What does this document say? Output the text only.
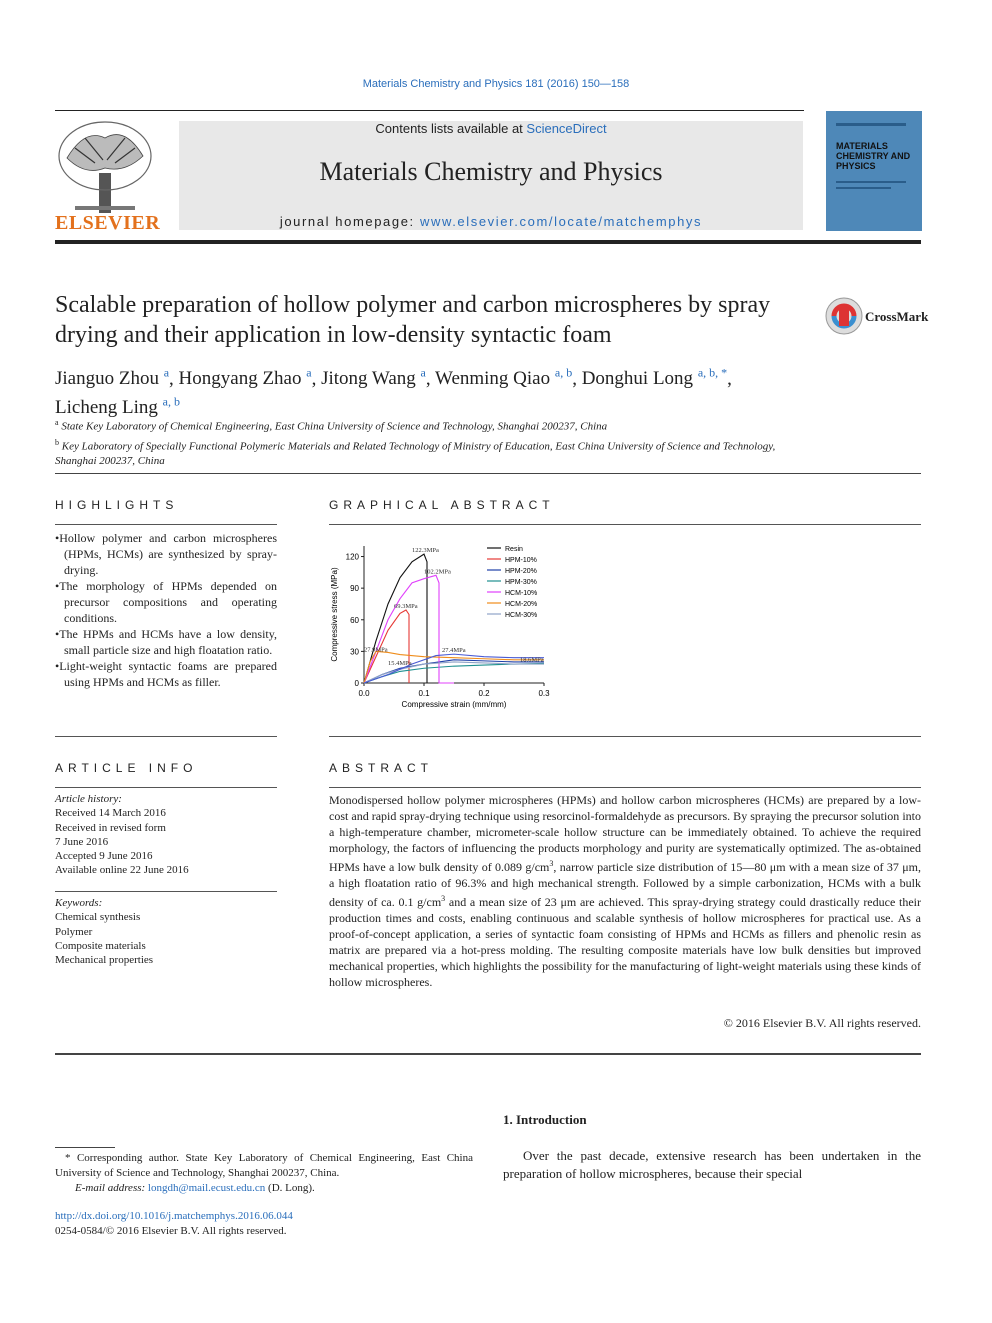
Materials Chemistry and Physics 181 (2016) 150—158
ELSEVIER
Contents lists available at ScienceDirect
Materials Chemistry and Physics
journal homepage: www.elsevier.com/locate/matchemphys
MATERIALS CHEMISTRY AND PHYSICS
Scalable preparation of hollow polymer and carbon microspheres by spray drying and their application in low-density syntactic foam
CrossMark
Jianguo Zhou $^a$, Hongyang Zhao $^a$, Jitong Wang $^a$, Wenming Qiao $^{a, b}$, Donghui Long $^{a, b, *}$,
Licheng Ling $^{a, b}$
$^a$ State Key Laboratory of Chemical Engineering, East China University of Science and Technology, Shanghai 200237, China
$^b$ Key Laboratory of Specially Functional Polymeric Materials and Related Technology of Ministry of Education, East China University of Science and Technology, Shanghai 200237, China
HIGHLIGHTS	GRAPHICAL ABSTRACT
•Hollow polymer and carbon microspheres (HPMs, HCMs) are synthesized by spray-drying.
•The morphology of HPMs depended on precursor compositions and operating conditions.
•The HPMs and HCMs have a low density, small particle size and high floatation ratio.
•Light-weight syntactic foams are prepared using HPMs and HCMs as filler.
0.0	0.1	0.2	0.3
0
30
60
90
120
Compressive strain (mm/mm)
Compressive stress (MPa)
Resin
HPM-10%
HPM-20%
HPM-30%
HCM-10%
HCM-20%
HCM-30%
122.3MPa
102.2MPa
69.3MPa
27.4MPa
18.6MPa
27.9MPa
15.4MPa
ARTICLE INFO	ABSTRACT
Article history:
Received 14 March 2016
Received in revised form
7 June 2016
Accepted 9 June 2016
Available online 22 June 2016
Keywords:
Chemical synthesis
Polymer
Composite materials
Mechanical properties
Monodispersed hollow polymer microspheres (HPMs) and hollow carbon microspheres (HCMs) are prepared by a low-cost and rapid spray-drying technique using resorcinol-formaldehyde as precursors. By spraying the precursor solution into a high-temperature chamber, micrometer-scale hollow structure can be immediately obtained. To achieve the required morphology, the factors of influencing the products morphology and purity are systematically optimized. The as-obtained HPMs have a low bulk density of 0.089 $g/cm^3$, narrow particle size distribution of 15—80 μm with a mean size of 37 μm, a high floatation ratio of 96.3% and high mechanical strength. Followed by a simple carbonization, HCMs with a bulk density of ca. 0.1 $g/cm^3$ and a mean size of 23 μm are achieved. This spray-drying strategy could drastically reduce their production times and costs, enabling continuous and scalable synthesis of hollow microspheres for practical use. As a proof-of-concept application, a series of syntactic foam consisting of HPMs and HCMs as fillers and phenolic resin as matrix are prepared via a hot-press molding. The resulting composite materials have low bulk densities but improved mechanical properties, which highlights the possibility for the manufacturing of light-weight materials using these kinds of hollow microspheres.
© 2016 Elsevier B.V. All rights reserved.
1. Introduction
Over the past decade, extensive research has been undertaken in the preparation of hollow microspheres, because their special
* Corresponding author. State Key Laboratory of Chemical Engineering, East China University of Science and Technology, Shanghai 200237, China.
E-mail address: longdh@mail.ecust.edu.cn (D. Long).
http://dx.doi.org/10.1016/j.matchemphys.2016.06.044
0254-0584/© 2016 Elsevier B.V. All rights reserved.
